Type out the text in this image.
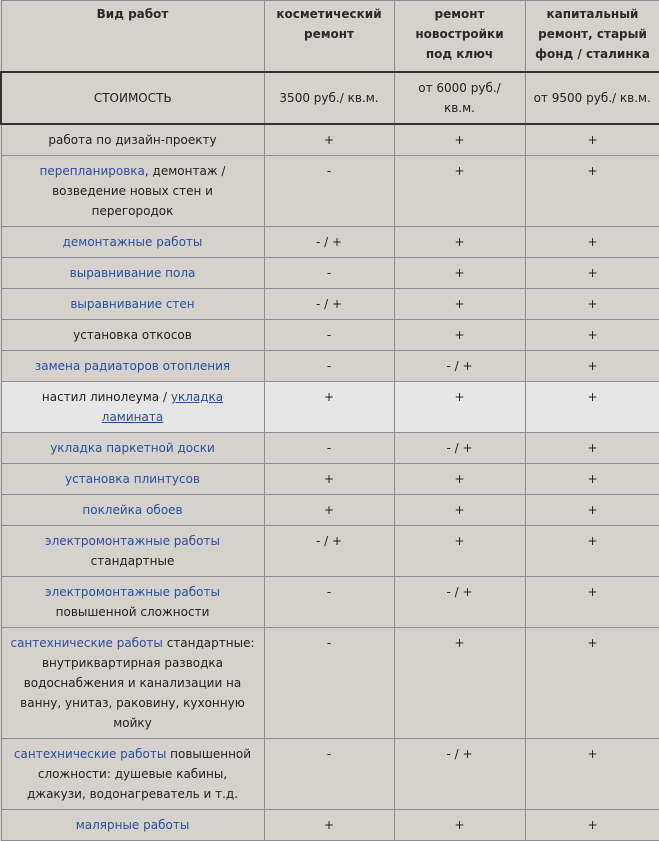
Вид работ	косметический ремонт	ремонт новостройки под ключ	капитальный ремонт, старый фонд / сталинка
СТОИМОСТЬ	3500 руб./ кв.м.	от 6000 руб./ кв.м.	от 9500 руб./ кв.м.
работа по дизайн-проекту	+	+	+
перепланировка, демонтаж / возведение новых стен и перегородок	-	+	+
демонтажные работы	- / +	+	+
выравнивание пола	-	+	+
выравнивание стен	- / +	+	+
установка откосов	-	+	+
замена радиаторов отопления	-	- / +	+
настил линолеума / укладка ламината	+	+	+
укладка паркетной доски	-	- / +	+
установка плинтусов	+	+	+
поклейка обоев	+	+	+
электромонтажные работы стандартные	- / +	+	+
электромонтажные работы повышенной сложности	-	- / +	+
сантехнические работы стандартные: внутриквартирная разводка водоснабжения и канализации на ванну, унитаз, раковину, кухонную мойку	-	+	+
сантехнические работы повышенной сложности: душевые кабины, джакузи, водонагреватель и т.д.	-	- / +	+
малярные работы	+	+	+
